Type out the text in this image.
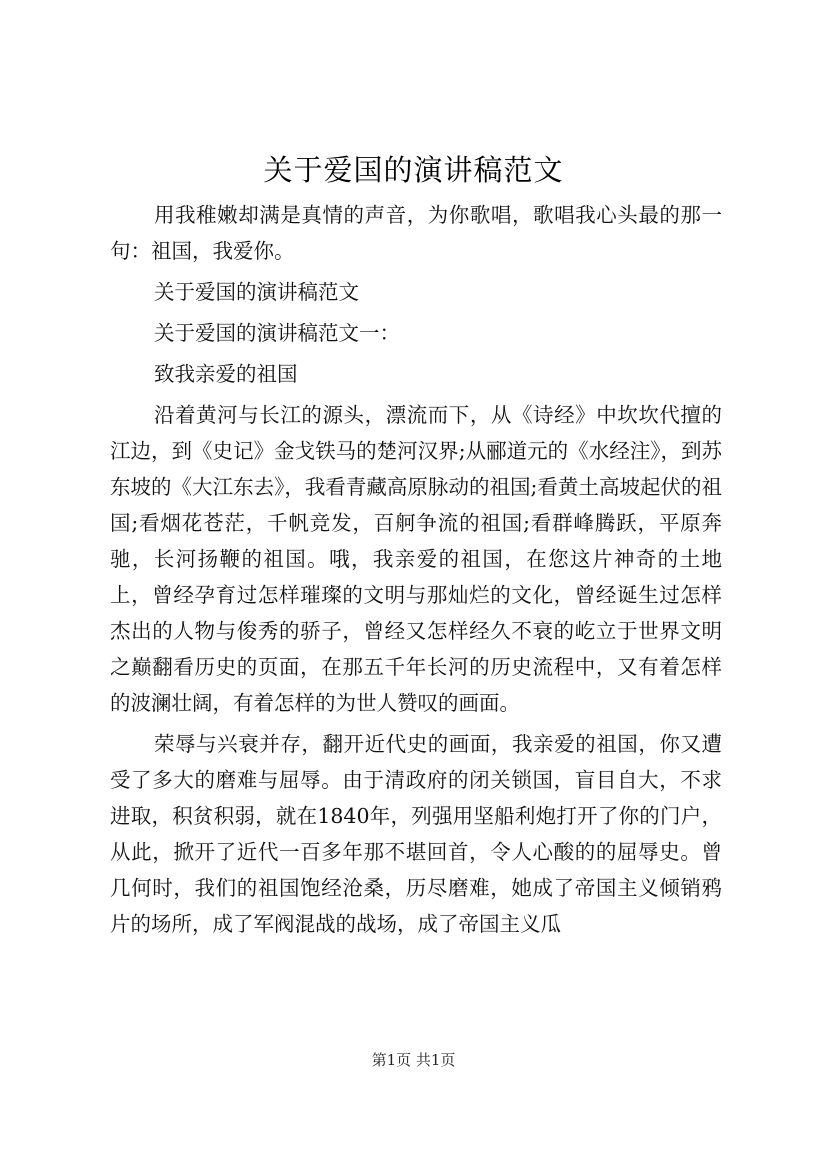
关于爱国的演讲稿范文

用我稚嫩却满是真情的声音，为你歌唱，歌唱我心头最的那一句：祖国，我爱你。

关于爱国的演讲稿范文

关于爱国的演讲稿范文一：

致我亲爱的祖国

沿着黄河与长江的源头，漂流而下，从《诗经》中坎坎代擅的江边，到《史记》金戈铁马的楚河汉界;从郦道元的《水经注》，到苏东坡的《大江东去》，我看青藏高原脉动的祖国;看黄土高坡起伏的祖国;看烟花苍茫，千帆竞发，百舸争流的祖国;看群峰腾跃，平原奔驰，长河扬鞭的祖国。哦，我亲爱的祖国，在您这片神奇的土地上，曾经孕育过怎样璀璨的文明与那灿烂的文化，曾经诞生过怎样杰出的人物与俊秀的骄子，曾经又怎样经久不衰的屹立于世界文明之巅翻看历史的页面，在那五千年长河的历史流程中，又有着怎样的波澜壮阔，有着怎样的为世人赞叹的画面。

荣辱与兴衰并存，翻开近代史的画面，我亲爱的祖国，你又遭受了多大的磨难与屈辱。由于清政府的闭关锁国，盲目自大，不求进取，积贫积弱，就在1840年，列强用坚船利炮打开了你的门户，从此，掀开了近代一百多年那不堪回首，令人心酸的的屈辱史。曾几何时，我们的祖国饱经沧桑，历尽磨难，她成了帝国主义倾销鸦片的场所，成了军阀混战的战场，成了帝国主义瓜

第1页 共1页
